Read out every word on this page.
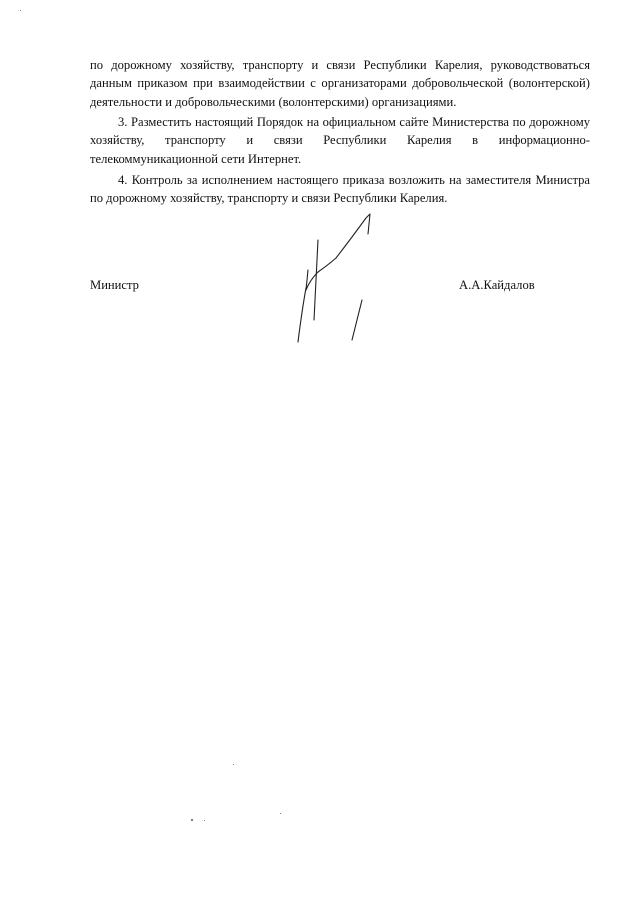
по дорожному хозяйству, транспорту и связи Республики Карелия, руководствоваться данным приказом при взаимодействии с организаторами добровольческой (волонтерской) деятельности и добровольческими (волонтерскими) организациями.

3. Разместить настоящий Порядок на официальном сайте Министерства по дорожному хозяйству, транспорту и связи Республики Карелия в информационно-телекоммуникационной сети Интернет.

4. Контроль за исполнением настоящего приказа возложить на заместителя Министра по дорожному хозяйству, транспорту и связи Республики Карелия.

Министр	А.А.Кайдалов
